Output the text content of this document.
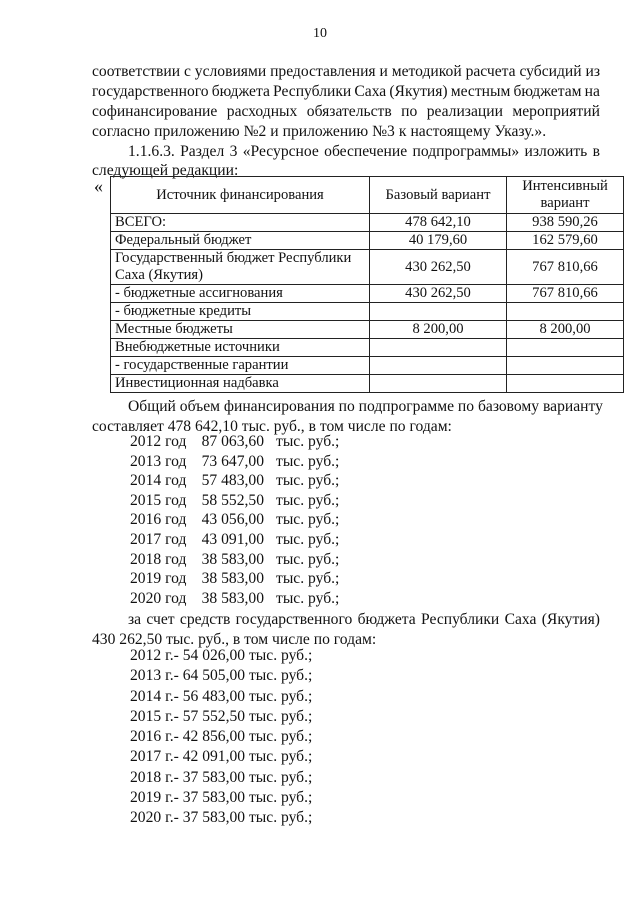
10
соответствии с условиями предоставления и методикой расчета субсидий из
государственного бюджета Республики Саха (Якутия) местным бюджетам на
софинансирование расходных обязательств по реализации мероприятий
согласно приложению №2 и приложению №3 к настоящему Указу.».
1.1.6.3. Раздел 3 «Ресурсное обеспечение подпрограммы» изложить в
следующей редакции:
«	Источник финансирования	Базовый вариант	Интенсивный вариант
ВСЕГО:	478 642,10	938 590,26
Федеральный бюджет	40 179,60	162 579,60
Государственный бюджет Республики Саха (Якутия)	430 262,50	767 810,66
- бюджетные ассигнования	430 262,50	767 810,66
- бюджетные кредиты		
Местные бюджеты	8 200,00	8 200,00
Внебюджетные источники		
- государственные гарантии		
Инвестиционная надбавка		
Общий объем финансирования по подпрограмме по базовому варианту
составляет 478 642,10 тыс. руб., в том числе по годам:
2012 год 87 063,60 тыс. руб.;
2013 год 73 647,00 тыс. руб.;
2014 год 57 483,00 тыс. руб.;
2015 год 58 552,50 тыс. руб.;
2016 год 43 056,00 тыс. руб.;
2017 год 43 091,00 тыс. руб.;
2018 год 38 583,00 тыс. руб.;
2019 год 38 583,00 тыс. руб.;
2020 год 38 583,00 тыс. руб.;
за счет средств государственного бюджета Республики Саха (Якутия)
430 262,50 тыс. руб., в том числе по годам:
2012 г.- 54 026,00 тыс. руб.;
2013 г.- 64 505,00 тыс. руб.;
2014 г.- 56 483,00 тыс. руб.;
2015 г.- 57 552,50 тыс. руб.;
2016 г.- 42 856,00 тыс. руб.;
2017 г.- 42 091,00 тыс. руб.;
2018 г.- 37 583,00 тыс. руб.;
2019 г.- 37 583,00 тыс. руб.;
2020 г.- 37 583,00 тыс. руб.;
